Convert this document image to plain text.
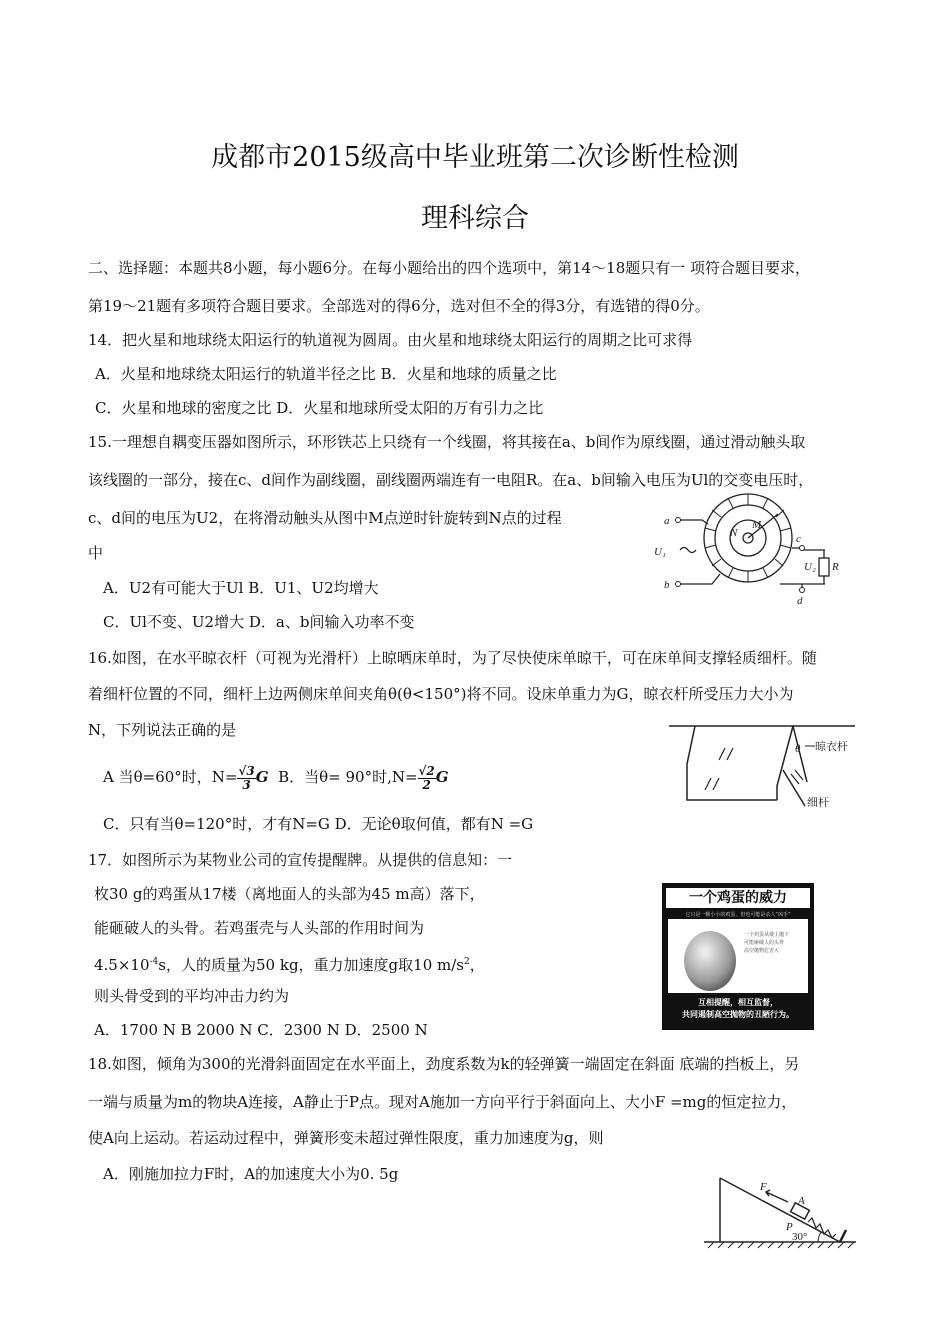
成都市2015级高中毕业班第二次诊断性检测
理科综合
二、选择题：本题共8小题，每小题6分。在每小题给出的四个选项中，第14～18题只有一 项符合题目要求，
第19～21题有多项符合题目要求。全部选对的得6分，选对但不全的得3分，有选错的得0分。
14．把火星和地球绕太阳运行的轨道视为圆周。由火星和地球绕太阳运行的周期之比可求得
A．火星和地球绕太阳运行的轨道半径之比 B．火星和地球的质量之比
C．火星和地球的密度之比 D．火星和地球所受太阳的万有引力之比
15.一理想自耦变压器如图所示，环形铁芯上只绕有一个线圈，将其接在a、b间作为原线圈，通过滑动触头取
该线圈的一部分，接在c、d间作为副线圈，副线圈两端连有一电阻R。在a、b间输入电压为Ul的交变电压时，
c、d间的电压为U2，在将滑动触头从图中M点逆时针旋转到N点的过程
中
A．U2有可能大于Ul B．U1、U2均增大
C．Ul不变、U2增大 D．a、b间输入功率不变
a
b
c
d
M
N
U₁
U₂ R
16.如图，在水平晾衣杆（可视为光滑杆）上晾晒床单时，为了尽快使床单晾干，可在床单间支撑轻质细杆。随
着细杆位置的不同，细杆上边两侧床单间夹角θ(θ<150°)将不同。设床单重力为G，晾衣杆所受压力大小为
N，下列说法正确的是
A 当θ=60°时，$N= \frac{√3}{3}$ G B．当θ= 90°时$,N= \frac{√2}{2}$ G
C．只有当θ=120°时，才有N=G D．无论θ取何值，都有N =G
θ 晾衣杆
细杆
17．如图所示为某物业公司的宣传提醒牌。从提供的信息知：一
枚30 g的鸡蛋从17楼（离地面人的头部为45 m高）落下，
能砸破人的头骨。若鸡蛋壳与人头部的作用时间为
$4.5\times 10^{-4}s$，人的质量为50 kg，重力加速度g取10 $m/s^2$，
则头骨受到的平均冲击力约为
A．1700 N B 2000 N C．2300 N D．2500 N
一个鸡蛋的威力
它只是一颗小小的鸡蛋，但也可能是杀人“凶手”
一个鸡蛋从楼上抛下
可能砸破人的头骨
高空抛物危害大
互相提醒，相互监督，
共同遏制高空抛物的丑陋行为。
18.如图，倾角为300的光滑斜面固定在水平面上，劲度系数为k的轻弹簧一端固定在斜面 底端的挡板上，另
一端与质量为m的物块A连接，A静止于P点。现对A施加一方向平行于斜面向上、大小F =mg的恒定拉力，
使A向上运动。若运动过程中，弹簧形变未超过弹性限度，重力加速度为g，则
A．刚施加拉力F时，A的加速度大小为0. 5g
F
A
P
30°
